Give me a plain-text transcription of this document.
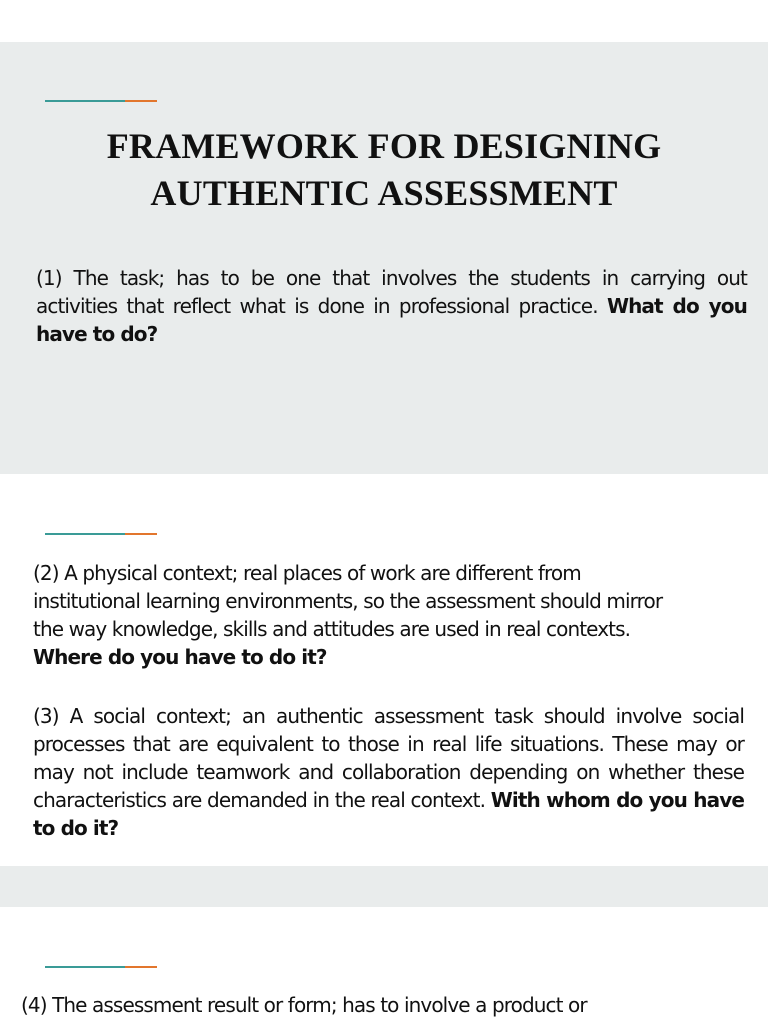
FRAMEWORK FOR DESIGNING
AUTHENTIC ASSESSMENT

(1) The task; has to be one that involves the students in carrying out activities that reflect what is done in professional practice. What do you have to do?

(2) A physical context; real places of work are different from institutional learning environments, so the assessment should mirror the way knowledge, skills and attitudes are used in real contexts. Where do you have to do it?

(3) A social context; an authentic assessment task should involve social processes that are equivalent to those in real life situations. These may or may not include teamwork and collaboration depending on whether these characteristics are demanded in the real context. With whom do you have to do it?

(4) The assessment result or form; has to involve a product or
